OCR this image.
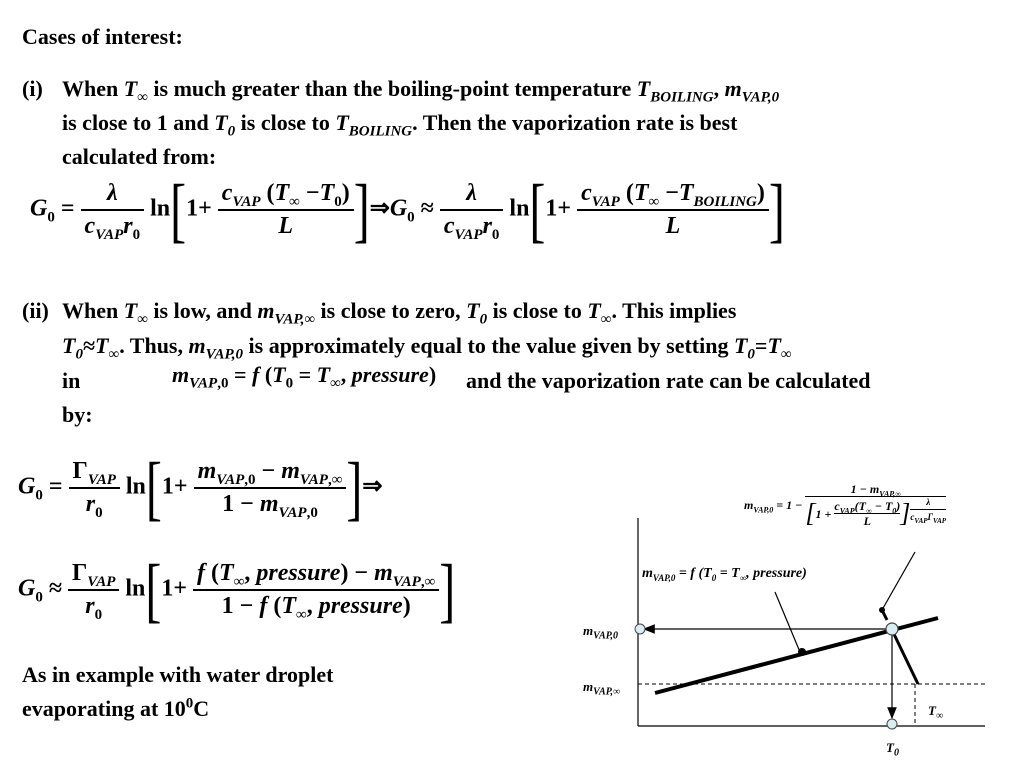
Cases of interest:
(i) When $T_\infty$ is much greater than the boiling-point temperature $T_{BOILING}$, $m_{VAP,0}$
is close to 1 and $T_0$ is close to $T_{BOILING}$. Then the vaporization rate is best
calculated from:
$G_0 = \frac{\lambda}{c_{VAP}r_0} \ln[1+ \frac{c_{VAP} (T_\infty -T_0)}{L}$ ]$\Rightarrow G_0 \approx \frac{\lambda}{c_{VAP}r_0} \ln[1+ \frac{c_{VAP} (T_\infty -T_{BOILING})}{L}$ ]
(ii) When $T_\infty$ is low, and $m_{VAP,\infty}$ is close to zero, $T_0$ is close to $T_\infty$. This implies
$T_0\approx T_\infty$. Thus, $m_{VAP,0}$ is approximately equal to the value given by setting $T_0=T_\infty$
in	$m_{VAP,0} = f$ ($T_0 = T_\infty$, pressure) and the vaporization rate can be calculated
by:
$G_0 = \frac{\Gamma_{VAP}}{r_0} \ln[1+ \frac{m_{VAP,0} - m_{VAP,\infty}}{1 - m_{VAP,0}}$ ]⇒
$G_0 \approx \frac{\Gamma_{VAP}}{r_0} \ln[1+ \frac{f (T_\infty, pressure) - m_{VAP,\infty}}{1 - f (T_\infty, pressure)}$ ]
As in example with water droplet
evaporating at $10^0C$
$m_{VAP,0}$
$m_{VAP,\infty}$
$T_\infty$
$T_0$
$m_{VAP,0} = f$ ($T_0 = T_\infty$, pressure)
$m_{VAP,0} = 1$ −
$1 - m_{VAP,\infty}$
[1 +
$c_{VAP}(T_\infty - T_0)$
L	]	λ
$c_{VAP}\Gamma_{VAP}$
